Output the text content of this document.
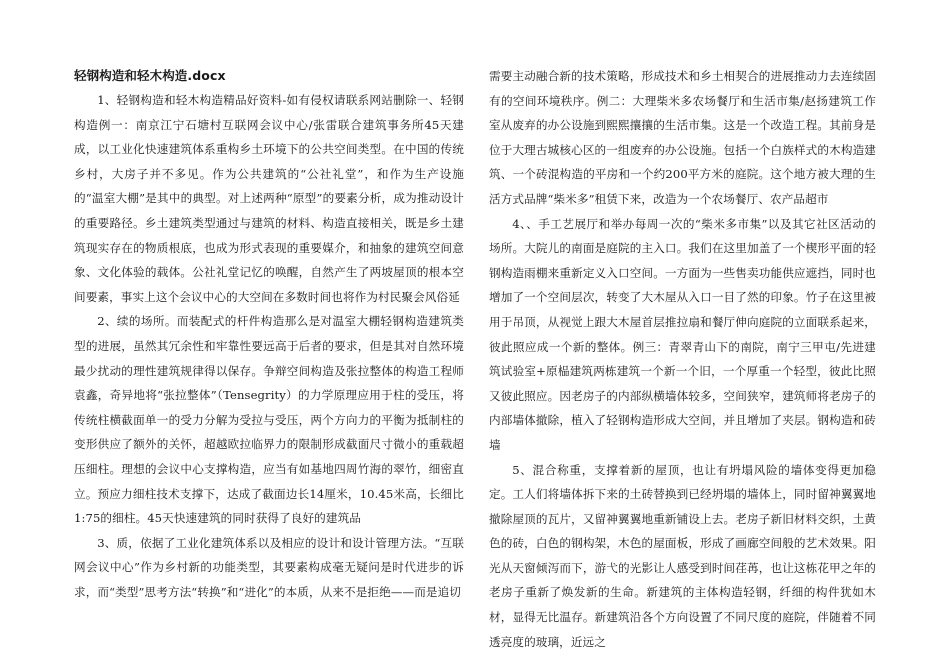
轻钢构造和轻木构造.docx

1、轻钢构造和轻木构造精品好资料-如有侵权请联系网站删除一、轻钢构造例一：南京江宁石塘村互联网会议中心/张雷联合建筑事务所45天建成，以工业化快速建筑体系重构乡土环境下的公共空间类型。在中国的传统乡村，大房子并不多见。作为公共建筑的“公社礼堂”，和作为生产设施的“温室大棚”是其中的典型。对上述两种“原型”的要素分析，成为推动设计的重要路径。乡土建筑类型通过与建筑的材料、构造直接相关，既是乡土建筑现实存在的物质根底，也成为形式表现的重要媒介，和抽象的建筑空间意象、文化体验的载体。公社礼堂记忆的唤醒，自然产生了两坡屋顶的根本空间要素，事实上这个会议中心的大空间在多数时间也将作为村民聚会风俗延

2、续的场所。而装配式的杆件构造那么是对温室大棚轻钢构造建筑类型的进展，虽然其冗余性和牢靠性要远高于后者的要求，但是其对自然环境最少扰动的理性建筑规律得以保存。争辩空间构造及张拉整体的构造工程师袁鑫，奇异地将“张拉整体”（Tensegrity）的力学原理应用于柱的受压，将传统柱横截面单一的受力分解为受拉与受压，两个方向力的平衡为抵制柱的变形供应了额外的关怀，超越欧拉临界力的限制形成截面尺寸微小的重载超压细柱。理想的会议中心支撑构造，应当有如基地四周竹海的翠竹，细密直立。预应力细柱技术支撑下，达成了截面边长14厘米，10.45米高，长细比1:75的细柱。45天快速建筑的同时获得了良好的建筑品

3、质，依据了工业化建筑体系以及相应的设计和设计管理方法。“互联网会议中心”作为乡村新的功能类型，其要素构成毫无疑问是时代进步的诉求，而“类型”思考方法“转换”和“进化”的本质，从来不是拒绝——而是追切

需要主动融合新的技术策略，形成技术和乡土相契合的进展推动力去连续固有的空间环境秩序。例二：大理柴米多农场餐厅和生活市集/赵扬建筑工作室从废弃的办公设施到熙熙攘攘的生活市集。这是一个改造工程。其前身是位于大理古城核心区的一组废弃的办公设施。包括一个白族样式的木构造建筑、一个砖混构造的平房和一个约200平方米的庭院。这个地方被大理的生活方式品牌“柴米多”租赁下来，改造为一个农场餐厅、农产品超市

4、、手工艺展厅和举办每周一次的“柴米多市集”以及其它社区活动的场所。大院儿的南面是庭院的主入口。我们在这里加盖了一个楔形平面的轻钢构造雨棚来重新定义入口空间。一方面为一些售卖功能供应遮挡，同时也增加了一个空间层次，转变了大木屋从入口一目了然的印象。竹子在这里被用于吊顶，从视觉上跟大木屋首层推拉扇和餐厅伸向庭院的立面联系起来，彼此照应成一个新的整体。例三：青翠青山下的南院，南宁三甲屯/先进建筑试验室+原榀建筑两栋建筑一个新一个旧，一个厚重一个轻型，彼此比照又彼此照应。因老房子的内部纵横墙体较多，空间狭窄，建筑师将老房子的内部墙体撤除，植入了轻钢构造形成大空间，并且增加了夹层。钢构造和砖墙

5、混合称重，支撑着新的屋顶，也让有坍塌风险的墙体变得更加稳定。工人们将墙体拆下来的土砖替换到已经坍塌的墙体上，同时留神翼翼地撤除屋顶的瓦片，又留神翼翼地重新铺设上去。老房子新旧材料交织，土黄色的砖，白色的钢构架，木色的屋面板，形成了画廊空间般的艺术效果。阳光从天窗倾泻而下，游弋的光影让人感受到时间荏苒，也让这栋花甲之年的老房子重新了焕发新的生命。新建筑的主体构造轻钢，纤细的构件犹如木材，显得无比温存。新建筑沿各个方向设置了不同尺度的庭院，伴随着不同透亮度的玻璃，近远之
